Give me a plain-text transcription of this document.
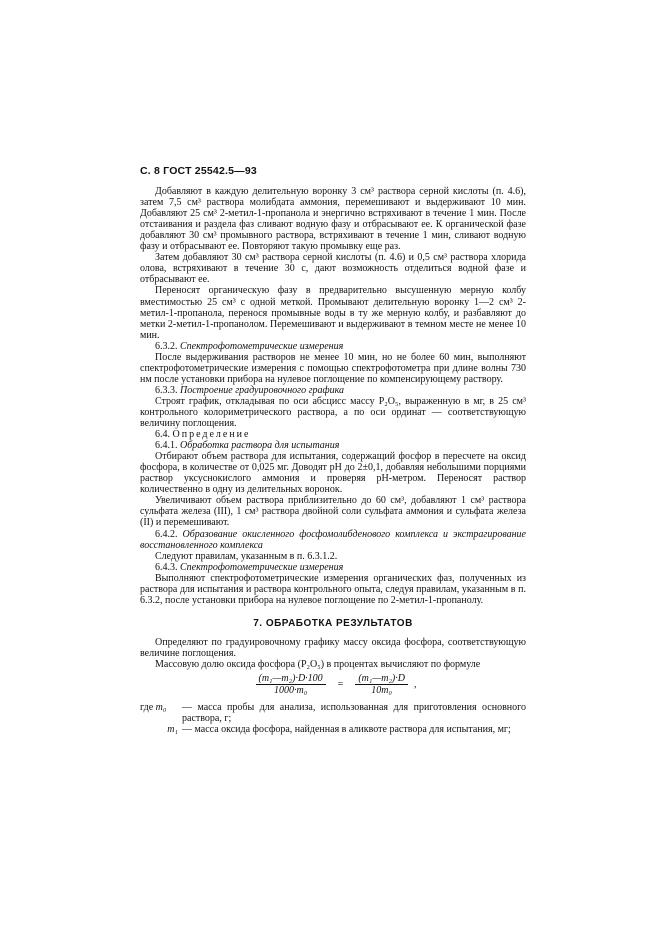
С. 8 ГОСТ 25542.5—93

Добавляют в каждую делительную воронку 3 см³ раствора серной кислоты (п. 4.6), затем 7,5 см³ раствора молибдата аммония, перемешивают и выдерживают 10 мин. Добавляют 25 см³ 2-метил-1-пропанола и энергично встряхивают в течение 1 мин. После отстаивания и раздела фаз сливают водную фазу и отбрасывают ее. К органической фазе добавляют 30 см³ промывного раствора, встряхивают в течение 1 мин, сливают водную фазу и отбрасывают ее. Повторяют такую промывку еще раз.

Затем добавляют 30 см³ раствора серной кислоты (п. 4.6) и 0,5 см³ раствора хлорида олова, встряхивают в течение 30 с, дают возможность отделиться водной фазе и отбрасывают ее.

Переносят органическую фазу в предварительно высушенную мерную колбу вместимостью 25 см³ с одной меткой. Промывают делительную воронку 1—2 см³ 2-метил-1-пропанола, перенося промывные воды в ту же мерную колбу, и разбавляют до метки 2-метил-1-пропанолом. Перемешивают и выдерживают в темном месте не менее 10 мин.

6.3.2. Спектрофотометрические измерения

После выдерживания растворов не менее 10 мин, но не более 60 мин, выполняют спектрофотометрические измерения с помощью спектрофотометра при длине волны 730 нм после установки прибора на нулевое поглощение по компенсирующему раствору.

6.3.3. Построение градуировочного графика

Строят график, откладывая по оси абсцисс массу P₂O₅, выраженную в мг, в 25 см³ контрольного колориметрического раствора, а по оси ординат — соответствующую величину поглощения.

6.4. Определение

6.4.1. Обработка раствора для испытания

Отбирают объем раствора для испытания, содержащий фосфор в пересчете на оксид фосфора, в количестве от 0,025 мг. Доводят pH до 2±0,1, добавляя небольшими порциями раствор уксуснокислого аммония и проверяя pH-метром. Переносят раствор количественно в одну из делительных воронок.

Увеличивают объем раствора приблизительно до 60 см³, добавляют 1 см³ раствора сульфата железа (III), 1 см³ раствора двойной соли сульфата аммония и сульфата железа (II) и перемешивают.

6.4.2. Образование окисленного фосфомолибденового комплекса и экстрагирование восстановленного комплекса

Следуют правилам, указанным в п. 6.3.1.2.

6.4.3. Спектрофотометрические измерения

Выполняют спектрофотометрические измерения органических фаз, полученных из раствора для испытания и раствора контрольного опыта, следуя правилам, указанным в п. 6.3.2, после установки прибора на нулевое поглощение по 2-метил-1-пропанолу.

7. ОБРАБОТКА РЕЗУЛЬТАТОВ

Определяют по градуировочному графику массу оксида фосфора, соответствующую величине поглощения.

Массовую долю оксида фосфора (P₂O₅) в процентах вычисляют по формуле

$\frac{\text{(m₁—m₂)·D·100}}{\text{1000·m₀}} = \frac{\text{(m₁—m₂)·D}}{\text{10m₀}}$ ,
где m₀	— масса пробы для анализа, использованная для приготовления основного раствора, г;
m₁ — масса оксида фосфора, найденная в аликвоте раствора для испытания, мг;
